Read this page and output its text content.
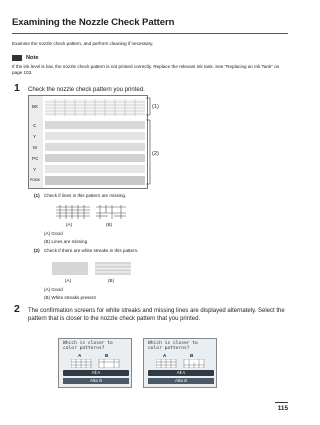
Examining the Nozzle Check Pattern
Examine the nozzle check pattern, and perform cleaning if necessary.
Note
If the ink level is low, the nozzle check pattern is not printed correctly. Replace the relevant ink tank. See “Replacing an Ink Tank” on page 103.
1 Check the nozzle check pattern you printed.
BK
C
Y
M
PC
Y
PGBK
(1)
(2)
(1) Check if lines in this pattern are missing.
(A)	(B)
(A) Good
(B) Lines are missing
(2) Check if there are white streaks in this pattern.
(A)	(B)
(A) Good
(B) White streaks present
2 The confirmation screens for white streaks and missing lines are displayed alternately. Select the pattern that is closer to the nozzle check pattern that you printed.
Which is closer to color patterns?
A	B
All A
Also B
Which is closer to color patterns?
A	B
All A
Also B
115
